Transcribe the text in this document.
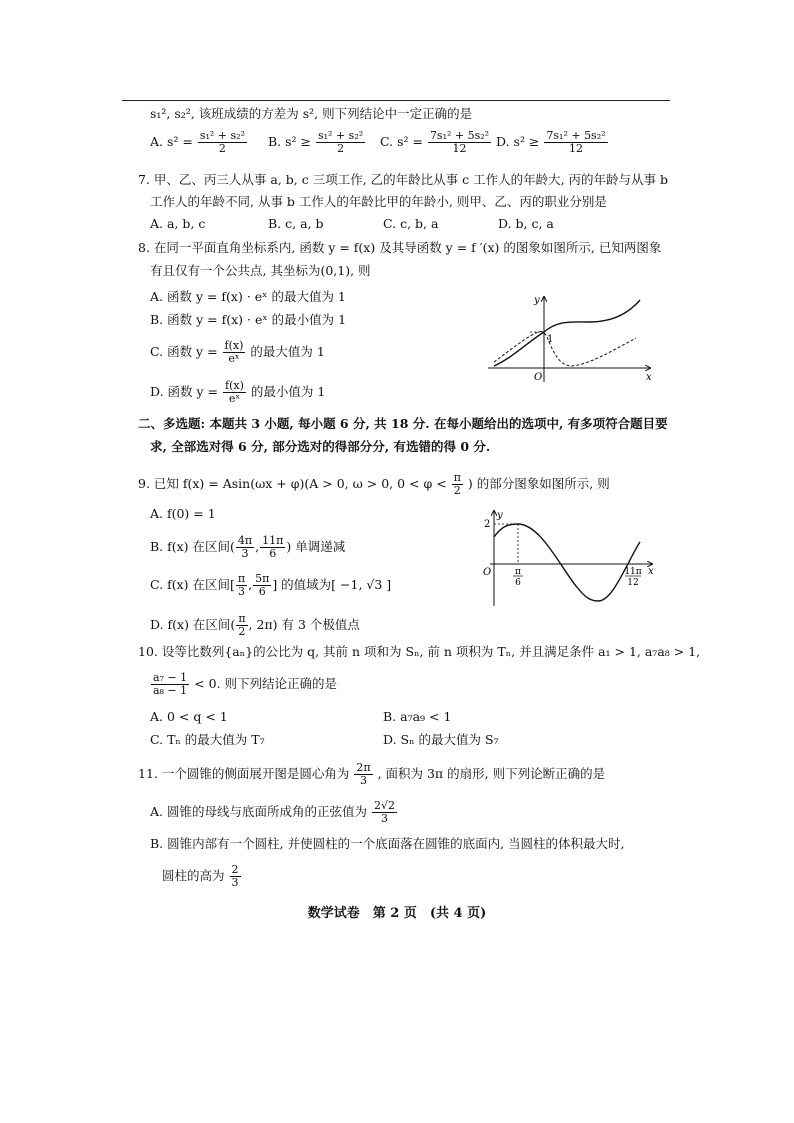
s₁², s₂², 该班成绩的方差为 s², 则下列结论中一定正确的是
A. $s^2 = \frac{\text{s₁² + s₂²}}{2} B$. $s^2 \ge \frac{\text{s₁² + s₂²}}{2} C$. $s^2 = \frac{\text{7s₁² + 5s₂²}}{12} D$. $s^2 \ge \frac{\text{7s₁² + 5s₂²}}{12}$
7. 甲、乙、丙三人从事 a, b, c 三项工作, 乙的年龄比从事 c 工作人的年龄大, 丙的年龄与从事 b
工作人的年龄不同, 从事 b 工作人的年龄比甲的年龄小, 则甲、乙、丙的职业分别是
A. a, b, c	B. c, a, b	C. c, b, a	D. b, c, a
8. 在同一平面直角坐标系内, 函数 y = f(x) 及其导函数 y = f ′(x) 的图象如图所示, 已知两图象
有且仅有一个公共点, 其坐标为(0,1), 则
A. 函数 y = f(x) · eˣ 的最大值为 1
B. 函数 y = f(x) · eˣ 的最小值为 1
C. 函数 $y = \frac{f(x)}{\text{eˣ}}$ 的最大值为 1
D. 函数 $y = \frac{f(x)}{\text{eˣ}}$ 的最小值为 1
1
O
y
x
二、多选题: 本题共 3 小题, 每小题 6 分, 共 18 分. 在每小题给出的选项中, 有多项符合题目要
求, 全部选对得 6 分, 部分选对的得部分分, 有选错的得 0 分.
9. 已知 f(x) = Asin(ωx + φ)(A > 0, ω > 0, $0 < \varphi < \frac{\pi}{2}$ ) 的部分图象如图所示, 则
A. f(0) = 1
B. f(x) 在区间( $\frac{4\pi}{3}$ , $\frac{11\pi}{6}$ ) 单调递减
C. f(x) 在区间[ $\frac{\pi}{3}$ , $\frac{5\pi}{6}$ ] 的值域为[ −1, √3 ]
D. f(x) 在区间( $\frac{\pi}{2}$ , 2π) 有 3 个极值点
2
y
O	x
π
6
11π
12
10. 设等比数列{aₙ}的公比为 q, 其前 n 项和为 Sₙ, 前 n 项积为 Tₙ, 并且满足条件 a₁ > 1, a₇a₈ > 1,
$\frac{\text{a₇ − 1}}{\text{a₈ − 1}} < 0$. 则下列结论正确的是
A. 0 < q < 1	B. a₇a₉ < 1
C. Tₙ 的最大值为 T₇	D. Sₙ 的最大值为 S₇
11. 一个圆锥的侧面展开图是圆心角为 $\frac{2\pi}{3}$ , 面积为 3π 的扇形, 则下列论断正确的是
A. 圆锥的母线与底面所成角的正弦值为 $\frac{2√2}{3}$
B. 圆锥内部有一个圆柱, 并使圆柱的一个底面落在圆锥的底面内, 当圆柱的体积最大时,
圆柱的高为 $\frac{2}{3}$
数学试卷　第 2 页　(共 4 页)
